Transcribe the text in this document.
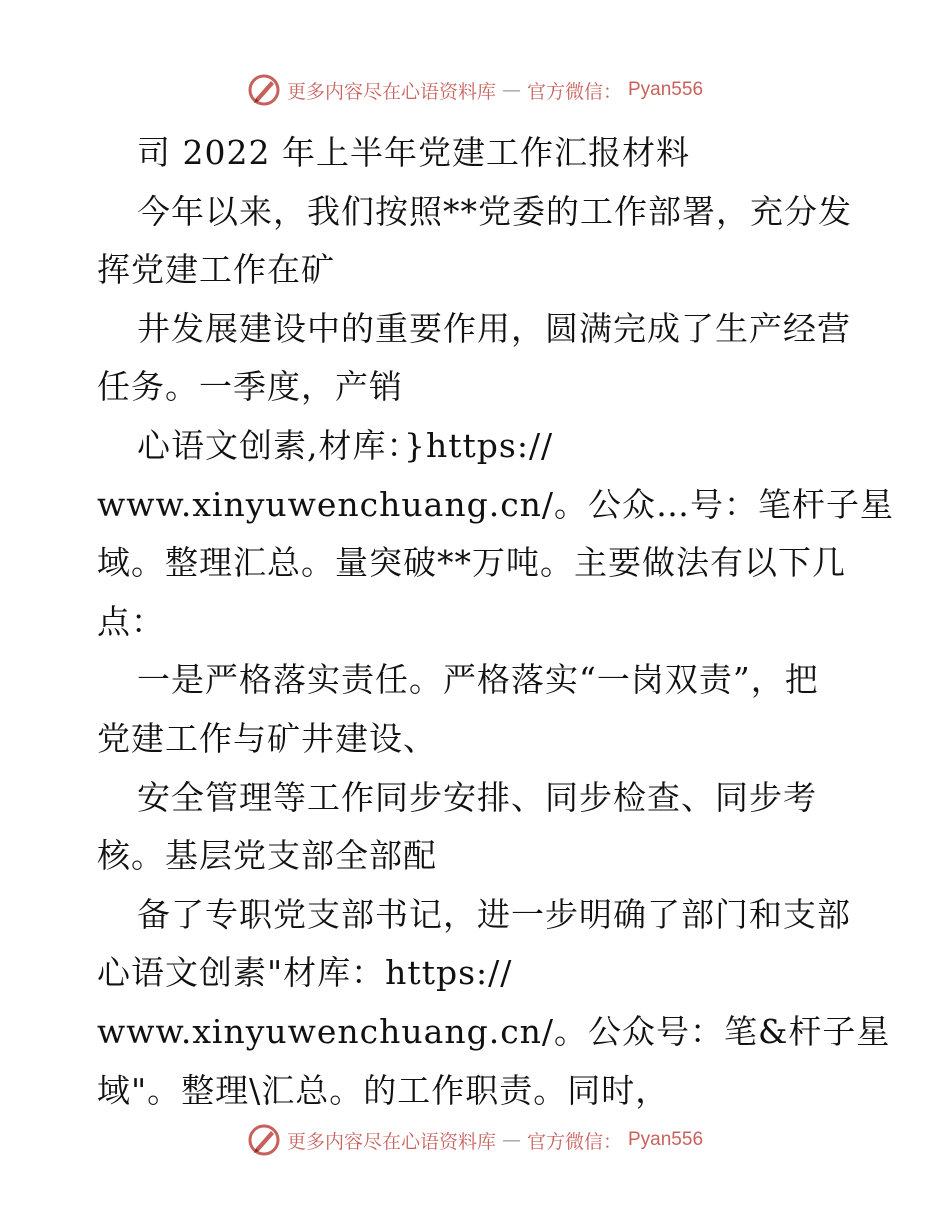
更多内容尽在心语资料库 — 官方微信： Pyan556
司 2022 年上半年党建工作汇报材料
今年以来，我们按照**党委的工作部署，充分发
挥党建工作在矿
井发展建设中的重要作用，圆满完成了生产经营
任务。一季度，产销
心语文创素,材库：}https://
www.xinyuwenchuang.cn/。公众…号：笔杆子星
域。整理汇总。量突破**万吨。主要做法有以下几
点：
一是严格落实责任。严格落实“一岗双责”，把
党建工作与矿井建设、
安全管理等工作同步安排、同步检查、同步考
核。基层党支部全部配
备了专职党支部书记，进一步明确了部门和支部
心语文创素"材库：https://
www.xinyuwenchuang.cn/。公众号：笔&杆子星
域"。整理\汇总。的工作职责。同时，
更多内容尽在心语资料库 — 官方微信： Pyan556
